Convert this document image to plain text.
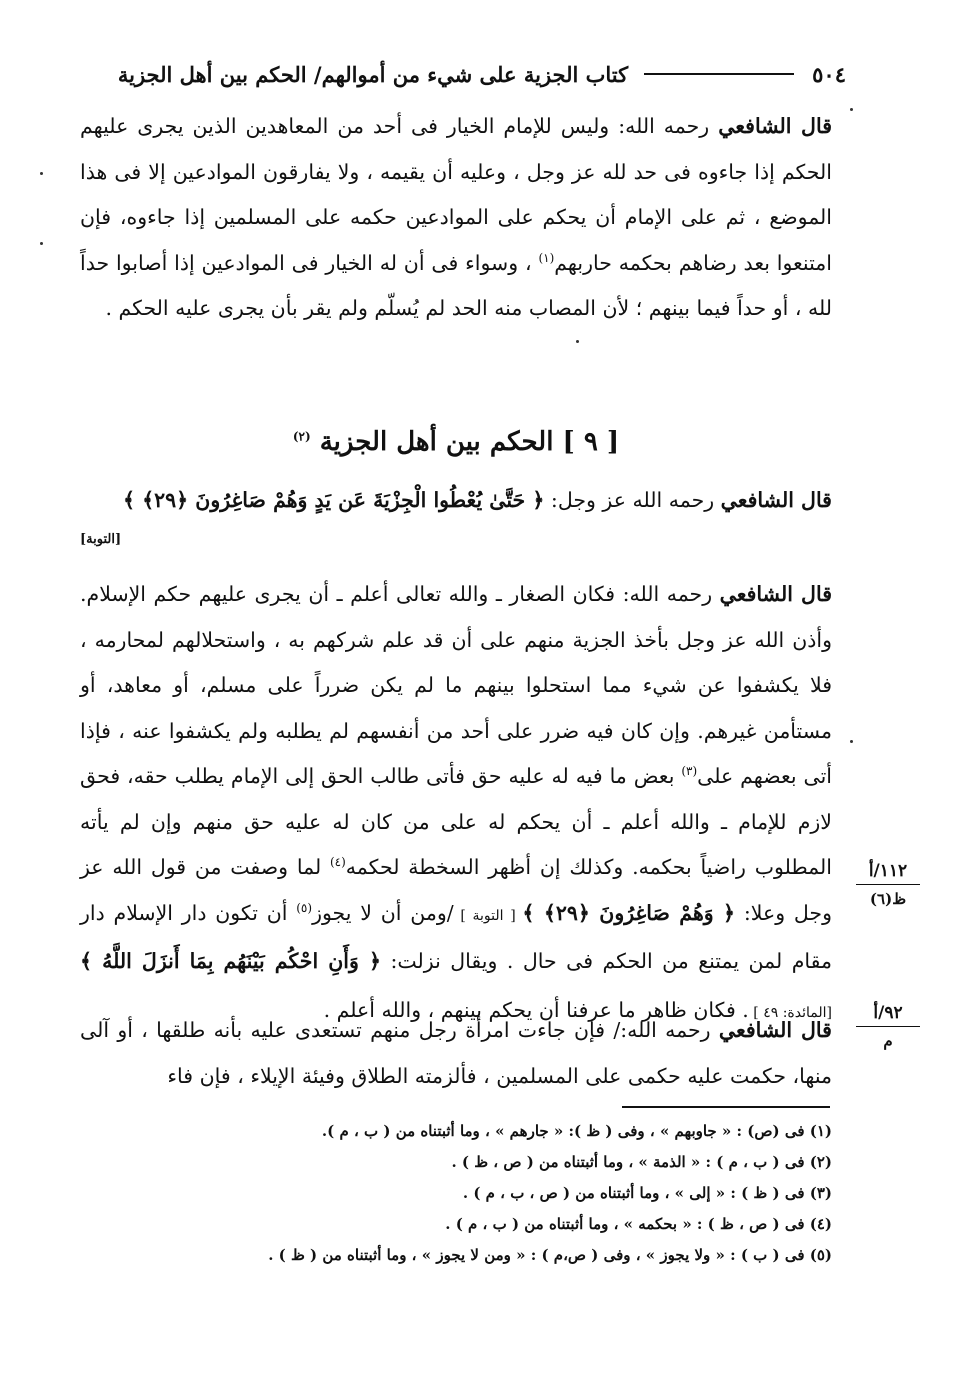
٥٠٤
كتاب الجزية على شيء من أموالهم/ الحكم بين أهل الجزية
قال الشافعي رحمه الله: وليس للإمام الخيار فى أحد من المعاهدين الذين يجرى عليهم الحكم إذا جاءوه فى حد لله عز وجل ، وعليه أن يقيمه ، ولا يفارقون الموادعين إلا فى هذا الموضع ، ثم على الإمام أن يحكم على الموادعين حكمه على المسلمين إذا جاءوه، فإن امتنعوا بعد رضاهم بحكمه حاربهم$^{(١)}$ ، وسواء فى أن له الخيار فى الموادعين إذا أصابوا حداً لله ، أو حداً فيما بينهم ؛ لأن المصاب منه الحد لم يُسلّم ولم يقر بأن يجرى عليه الحكم .
[ ٩ ] الحكم بين أهل الجزية $^{(٢)}$
قال الشافعي رحمه الله عز وجل: ﴿ حَتَّىٰ يُعْطُوا الْجِزْيَةَ عَن يَدٍ وَهُمْ صَاغِرُونَ ﴿٢٩﴾ ﴾
[التوبة]
قال الشافعي رحمه الله: فكان الصغار ـ والله تعالى أعلم ـ أن يجرى عليهم حكم الإسلام. وأذن الله عز وجل بأخذ الجزية منهم على أن قد علم شركهم به ، واستحلالهم لمحارمه ، فلا يكشفوا عن شيء مما استحلوا بينهم ما لم يكن ضرراً على مسلم، أو معاهد، أو مستأمن غيرهم. وإن كان فيه ضرر على أحد من أنفسهم لم يطلبه ولم يكشفوا عنه ، فإذا أتى بعضهم على$^{(٣)}$ بعض ما فيه له عليه حق فأتى طالب الحق إلى الإمام يطلب حقه، فحق لازم للإمام ـ والله أعلم ـ أن يحكم له على من كان له عليه حق منهم وإن لم يأته المطلوب راضياً بحكمه. وكذلك إن أظهر السخطة لحكمه$^{(٤)}$ لما وصفت من قول الله عز وجل وعلا: ﴿ وَهُمْ صَاغِرُونَ ﴿٢٩﴾ ﴾ [ التوبة ] /ومن أن لا يجوز$^{(٥)}$ أن تكون دار الإسلام دار مقام لمن يمتنع من الحكم فى حال . ويقال نزلت: ﴿ وَأَنِ احْكُم بَيْنَهُم بِمَا أَنزَلَ اللَّهُ ﴾ [المائدة: ٤٩ ] . فكان ظاهر ما عرفنا أن يحكم بينهم ، والله أعلم .
قال الشافعي رحمه الله:/ فإن جاءت امرأة رجل منهم تستعدى عليه بأنه طلقها ، أو آلى منها، حكمت عليه حكمى على المسلمين ، فألزمته الطلاق وفيئة الإيلاء ، فإن فاء
١١٢/أ
ظ(٦)
٩٢/أ
م
(١) فى (ص) : « جاوبهم » ، وفى ( ظ ): « جارهم » ، وما أثبتناه من ( ب ، م ).
(٢) فى ( ب ، م ) : « الذمة » ، وما أثبتناه من ( ص ، ظ ) .
(٣) فى ( ظ ) : « إلى » ، وما أثبتناه من ( ص ، ب ، م ) .
(٤) فى ( ص ، ظ ) : « بحكمه » ، وما أثبتناه من ( ب ، م ) .
(٥) فى ( ب ) : « ولا يجوز » ، وفى ( ص،م ) : « ومن لا يجوز » ، وما أثبتناه من ( ظ ) .
